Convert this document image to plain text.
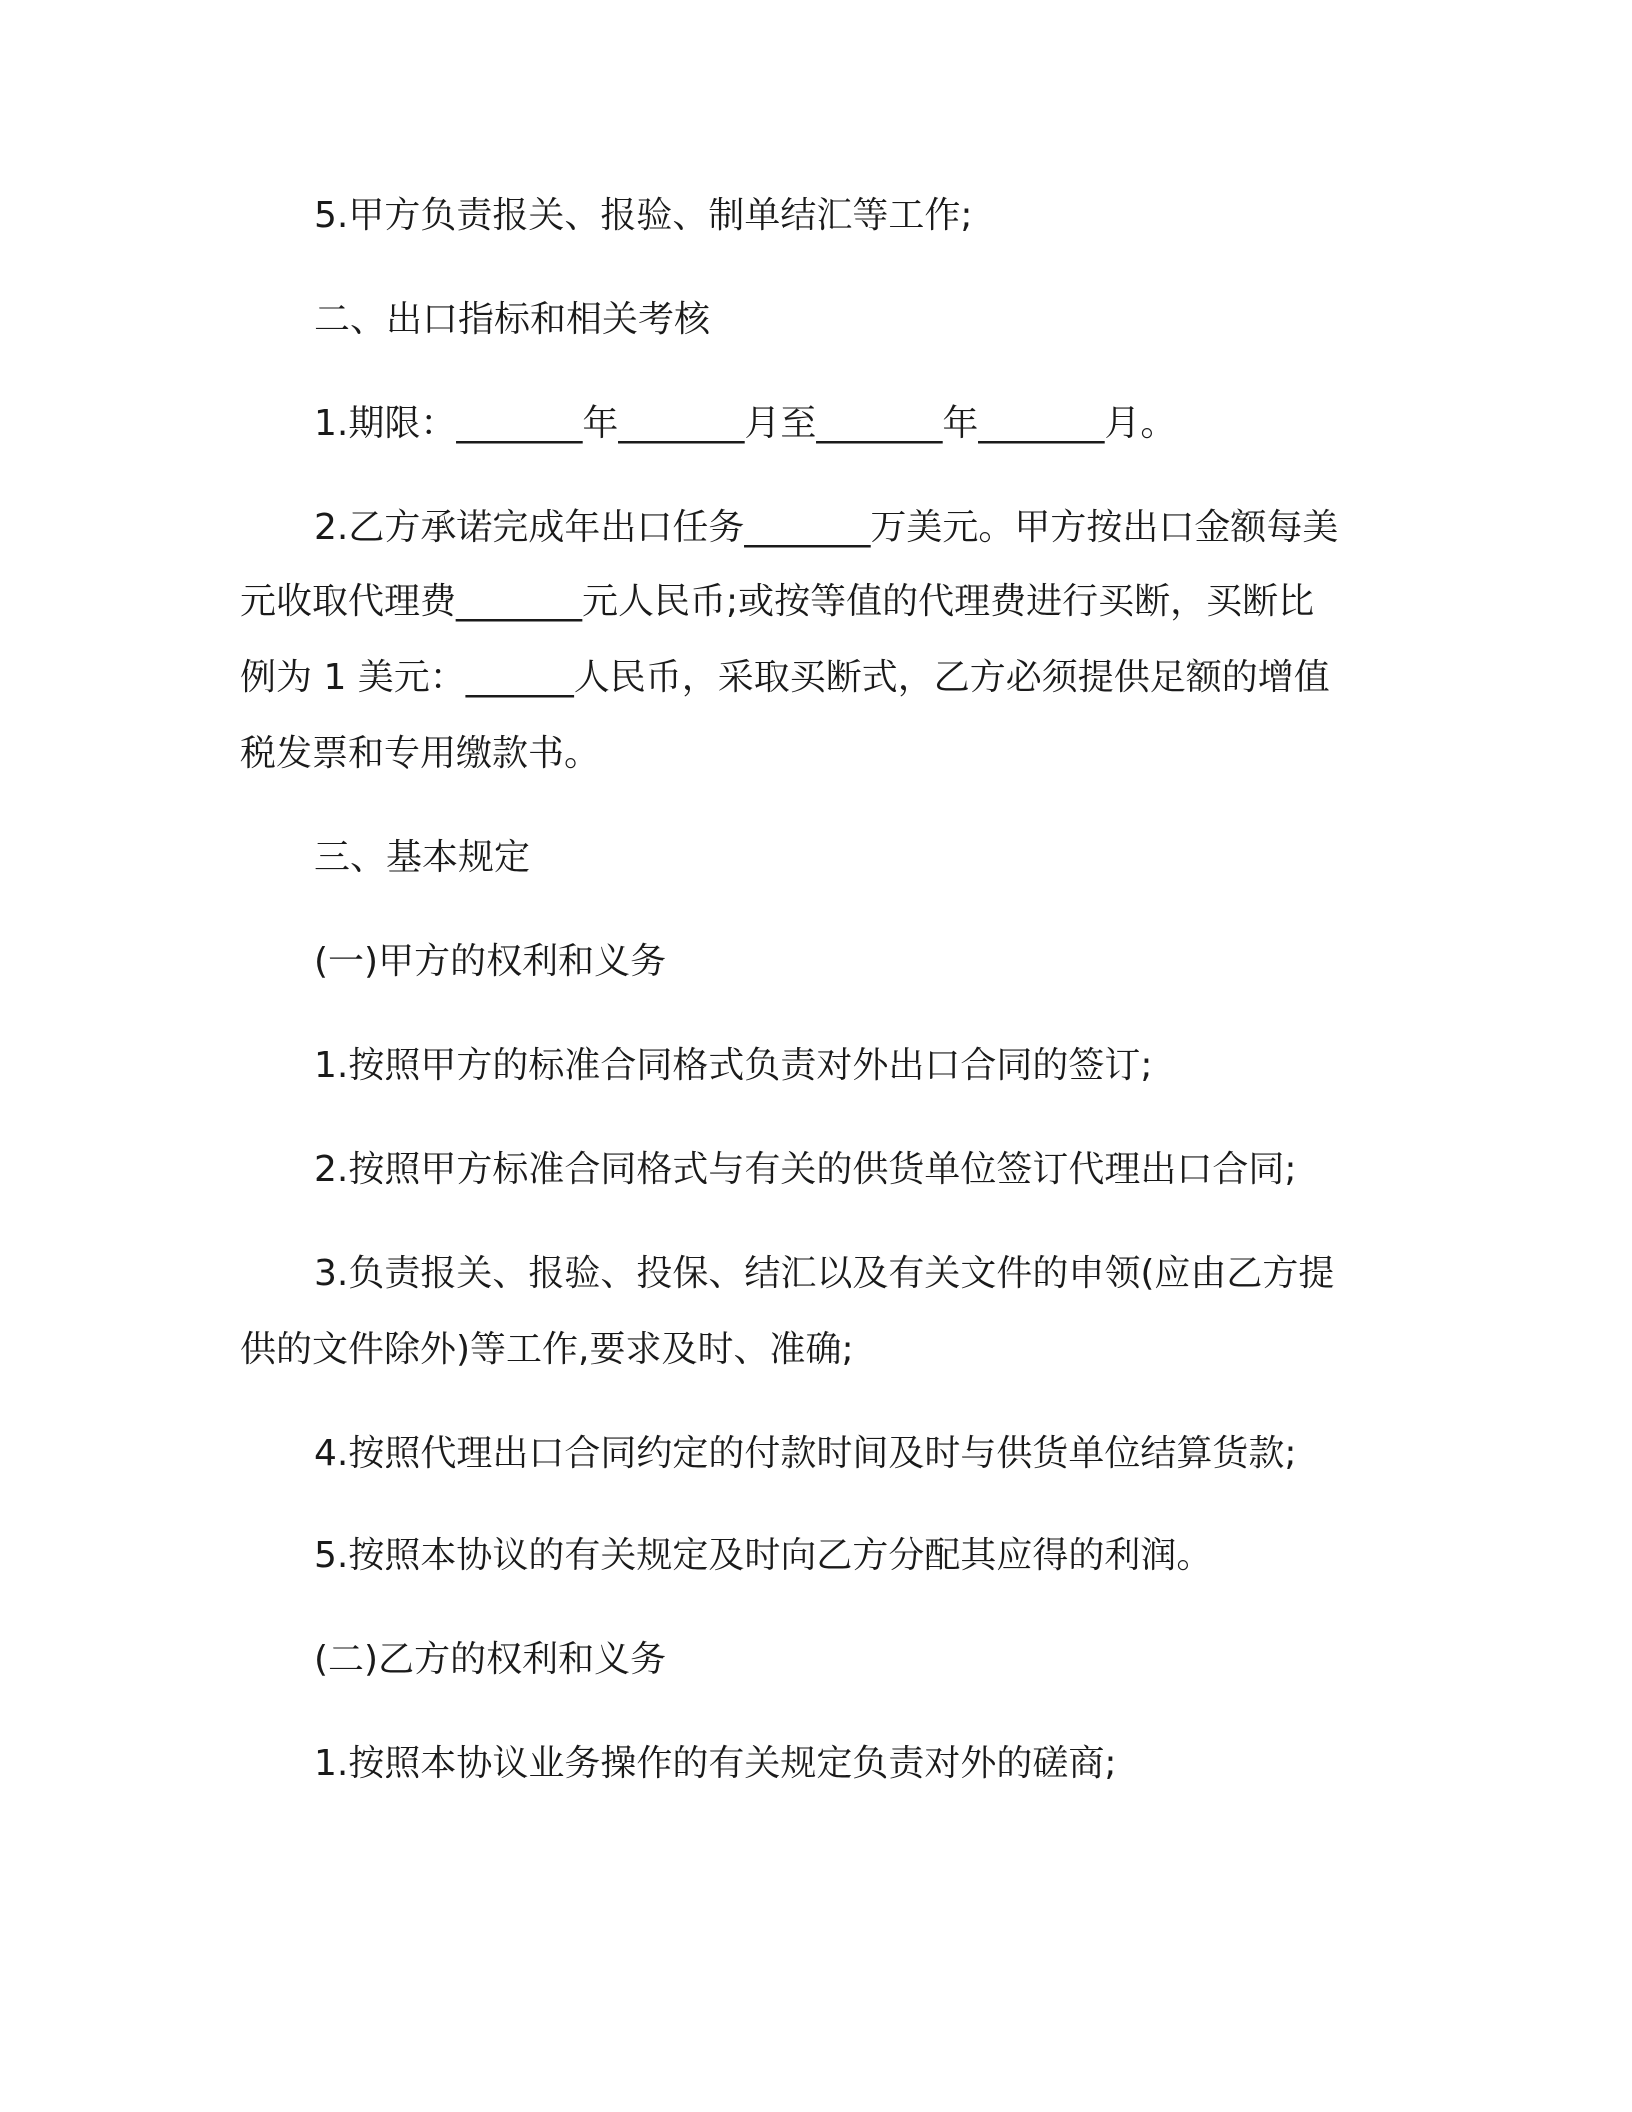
5.甲方负责报关、报验、制单结汇等工作;
二、出口指标和相关考核
1.期限：_______年_______月至_______年_______月。
2.乙方承诺完成年出口任务_______万美元。甲方按出口金额每美
元收取代理费_______元人民币;或按等值的代理费进行买断，买断比
例为 1 美元：______人民币，采取买断式，乙方必须提供足额的增值
税发票和专用缴款书。
三、基本规定
(一)甲方的权利和义务
1.按照甲方的标准合同格式负责对外出口合同的签订;
2.按照甲方标准合同格式与有关的供货单位签订代理出口合同;
3.负责报关、报验、投保、结汇以及有关文件的申领(应由乙方提
供的文件除外)等工作,要求及时、准确;
4.按照代理出口合同约定的付款时间及时与供货单位结算货款;
5.按照本协议的有关规定及时向乙方分配其应得的利润。
(二)乙方的权利和义务
1.按照本协议业务操作的有关规定负责对外的磋商;
